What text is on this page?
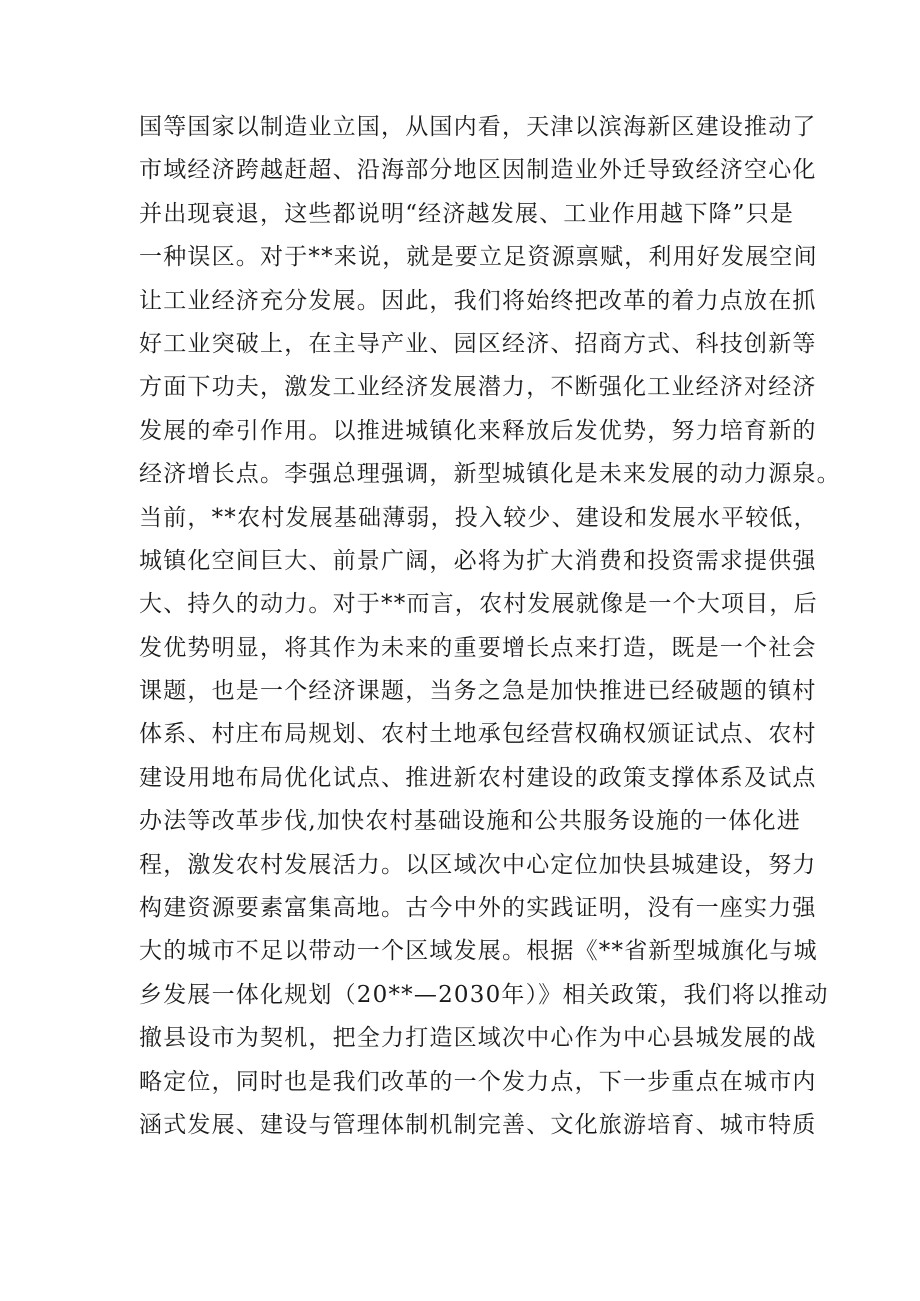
国等国家以制造业立国，从国内看，天津以滨海新区建设推动了
市域经济跨越赶超、沿海部分地区因制造业外迁导致经济空心化
并出现衰退，这些都说明“经济越发展、工业作用越下降”只是
一种误区。对于**来说，就是要立足资源禀赋，利用好发展空间
让工业经济充分发展。因此，我们将始终把改革的着力点放在抓
好工业突破上，在主导产业、园区经济、招商方式、科技创新等
方面下功夫，激发工业经济发展潜力，不断强化工业经济对经济
发展的牵引作用。以推进城镇化来释放后发优势，努力培育新的
经济增长点。李强总理强调，新型城镇化是未来发展的动力源泉。
当前，**农村发展基础薄弱，投入较少、建设和发展水平较低，
城镇化空间巨大、前景广阔，必将为扩大消费和投资需求提供强
大、持久的动力。对于**而言，农村发展就像是一个大项目，后
发优势明显，将其作为未来的重要增长点来打造，既是一个社会
课题，也是一个经济课题，当务之急是加快推进已经破题的镇村
体系、村庄布局规划、农村土地承包经营权确权颁证试点、农村
建设用地布局优化试点、推进新农村建设的政策支撑体系及试点
办法等改革步伐,加快农村基础设施和公共服务设施的一体化进
程，激发农村发展活力。以区域次中心定位加快县城建设，努力
构建资源要素富集高地。古今中外的实践证明，没有一座实力强
大的城市不足以带动一个区域发展。根据《**省新型城旗化与城
乡发展一体化规划（20**—2030年）》相关政策，我们将以推动
撤县设市为契机，把全力打造区域次中心作为中心县城发展的战
略定位，同时也是我们改革的一个发力点，下一步重点在城市内
涵式发展、建设与管理体制机制完善、文化旅游培育、城市特质
